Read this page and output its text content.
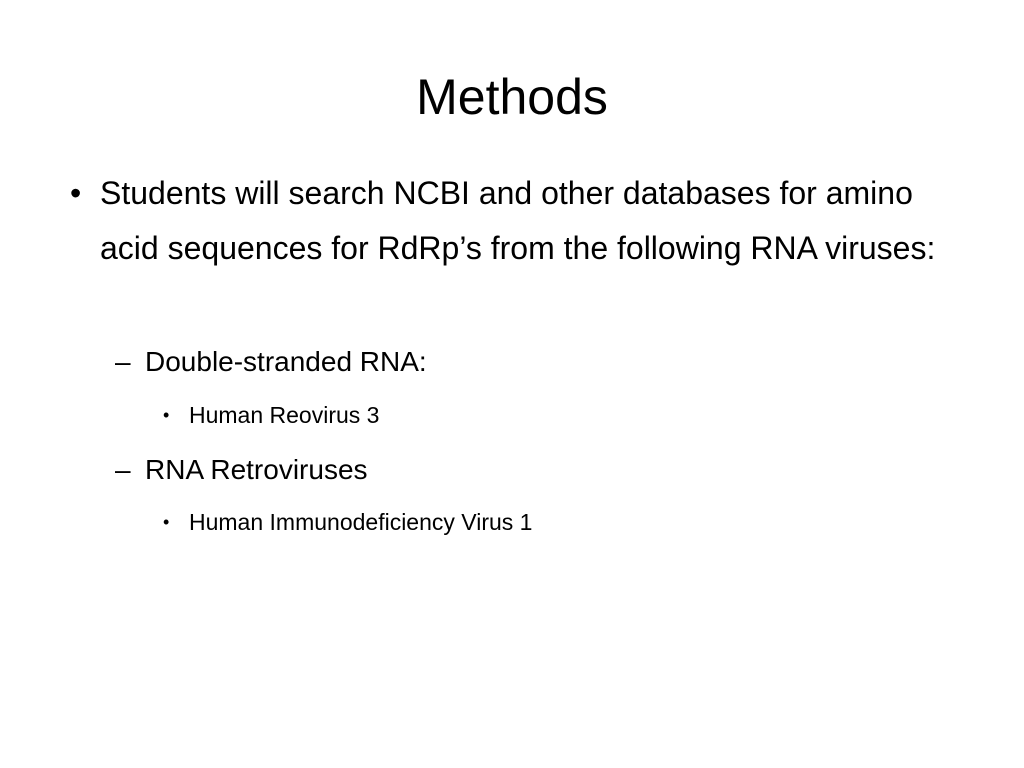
Methods
• Students will search NCBI and other databases for amino acid sequences for RdRp’s from the following RNA viruses:
– Double-stranded RNA:
• Human Reovirus 3
– RNA Retroviruses
• Human Immunodeficiency Virus 1
